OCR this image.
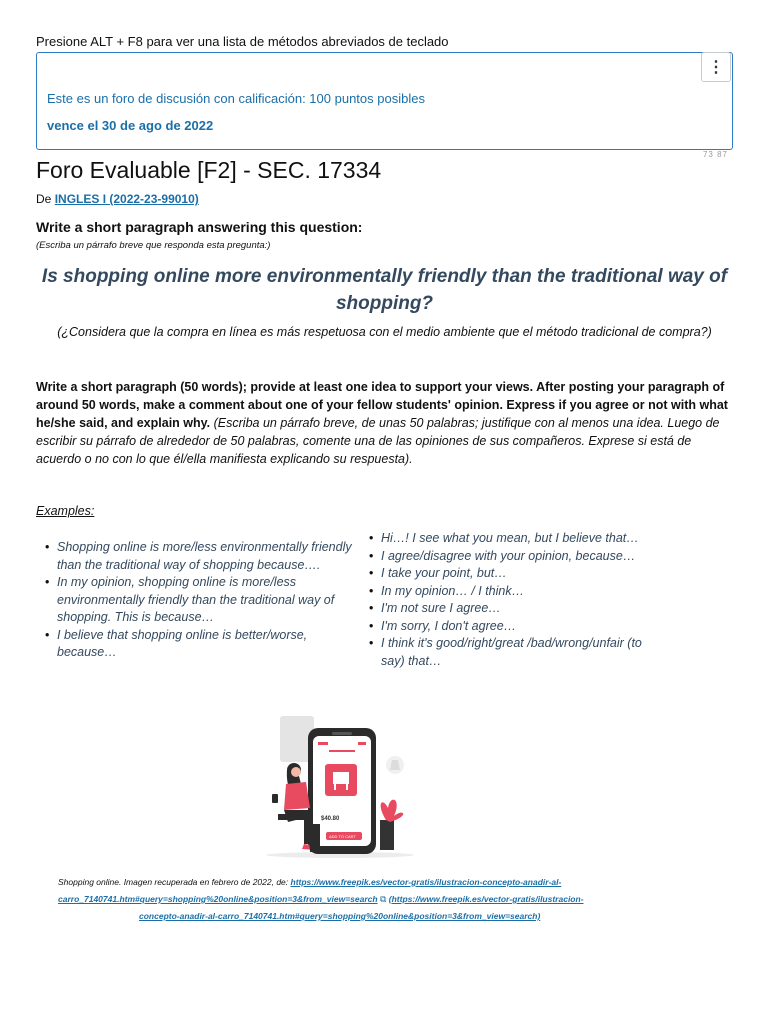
Presione ALT + F8 para ver una lista de métodos abreviados de teclado
⋮
Este es un foro de discusión con calificación: 100 puntos posibles
vence el 30 de ago de 2022
73 87
Foro Evaluable [F2] - SEC. 17334
De INGLES I (2022-23-99010)
Write a short paragraph answering this question:
(Escriba un párrafo breve que responda esta pregunta:)
Is shopping online more environmentally friendly than the traditional way of shopping?
(¿Considera que la compra en línea es más respetuosa con el medio ambiente que el método tradicional de compra?)
Write a short paragraph (50 words); provide at least one idea to support your views. After posting your paragraph of around 50 words, make a comment about one of your fellow students' opinion. Express if you agree or not with what he/she said, and explain why. (Escriba un párrafo breve, de unas 50 palabras; justifique con al menos una idea. Luego de escribir su párrafo de alrededor de 50 palabras, comente una de las opiniones de sus compañeros. Exprese si está de acuerdo o no con lo que él/ella manifiesta explicando su respuesta).
Examples:
• Shopping online is more/less environmentally friendly than the traditional way of shopping because….
• In my opinion, shopping online is more/less environmentally friendly than the traditional way of shopping. This is because…
• I believe that shopping online is better/worse, because…
• Hi…! I see what you mean, but I believe that…
• I agree/disagree with your opinion, because…
• I take your point, but…
• In my opinion… / I think…
• I'm not sure I agree…
• I'm sorry, I don't agree…
• I think it's good/right/great /bad/wrong/unfair (to say) that…
$40.80
ADD TO CART
Shopping online. Imagen recuperada en febrero de 2022, de: https://www.freepik.es/vector-gratis/ilustracion-concepto-anadir-al-carro_7140741.htm#query=shopping%20online&position=3&from_view=search ⧉ (https://www.freepik.es/vector-gratis/ilustracion-
concepto-anadir-al-carro_7140741.htm#query=shopping%20online&position=3&from_view=search)
